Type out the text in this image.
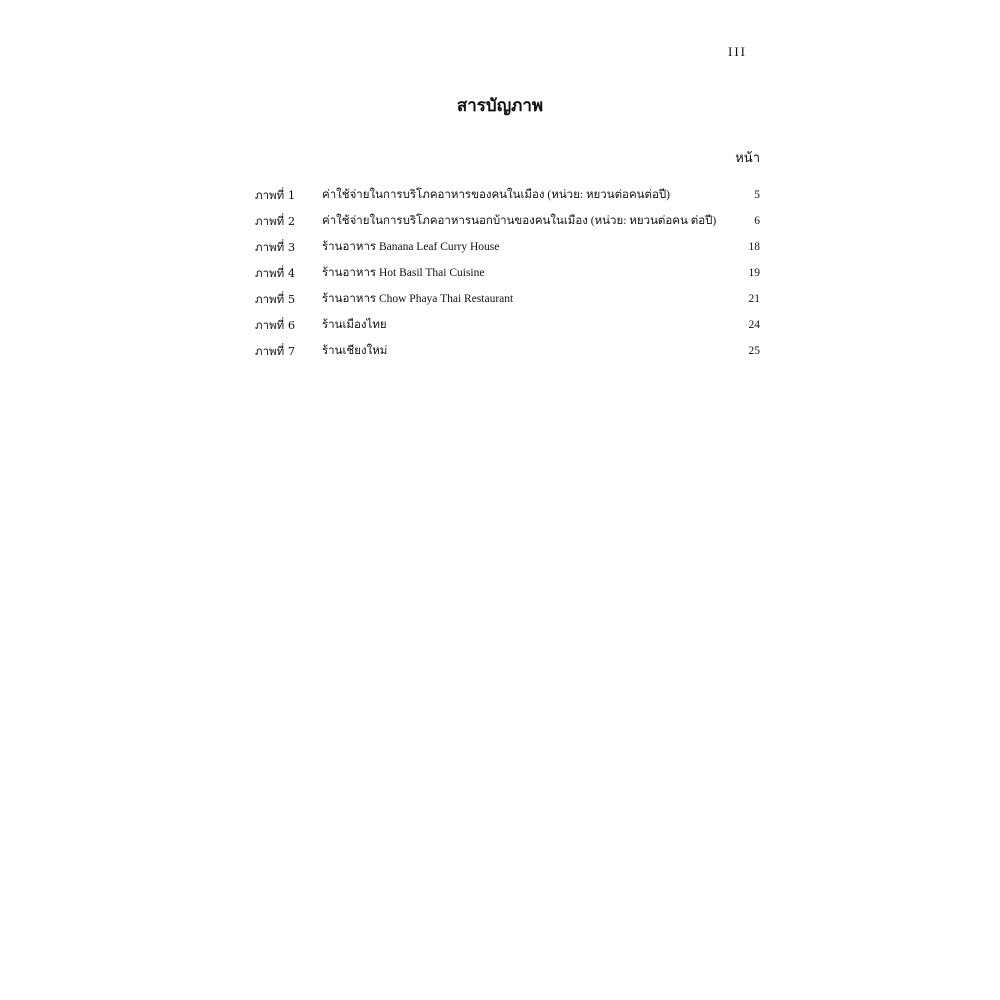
III
สารบัญภาพ
หน้า
ภาพที่ 1	ค่าใช้จ่ายในการบริโภคอาหารของคนในเมือง (หน่วย: หยวนต่อคนต่อปี)	5
ภาพที่ 2	ค่าใช้จ่ายในการบริโภคอาหารนอกบ้านของคนในเมือง (หน่วย: หยวนต่อคน ต่อปี)	6
ภาพที่ 3	ร้านอาหาร Banana Leaf Curry House	18
ภาพที่ 4	ร้านอาหาร Hot Basil Thai Cuisine	19
ภาพที่ 5	ร้านอาหาร Chow Phaya Thai Restaurant	21
ภาพที่ 6	ร้านเมืองไทย	24
ภาพที่ 7	ร้านเชียงใหม่	25
